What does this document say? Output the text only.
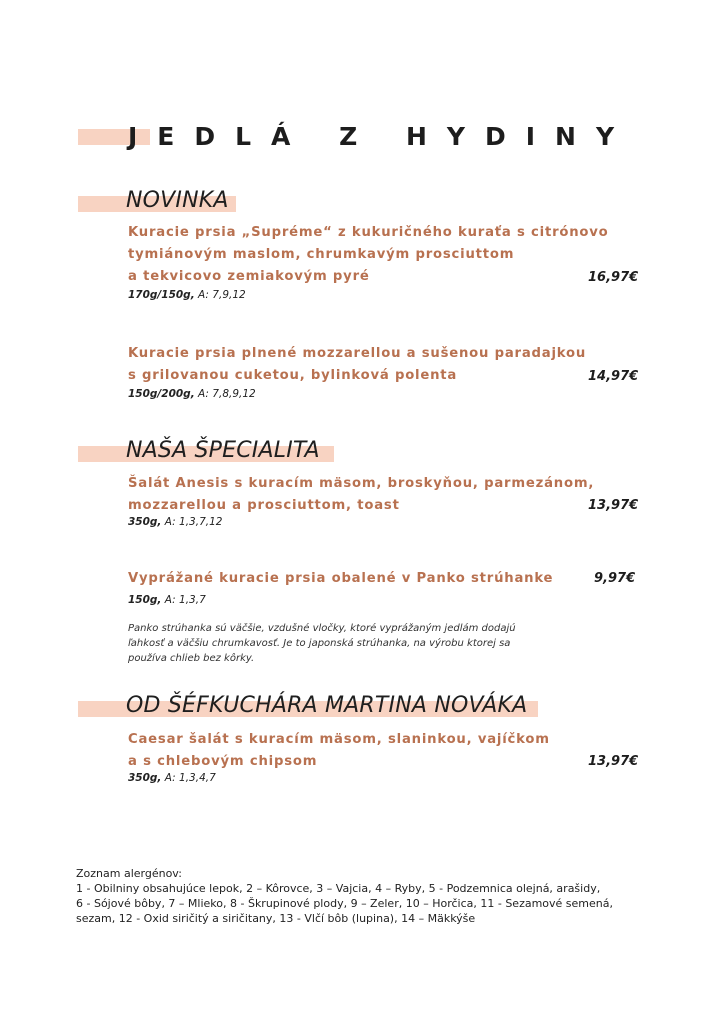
JEDLÁ Z HYDINY
NOVINKA
Kuracie prsia „Supréme“ z kukuričného kuraťa s citrónovo
tymiánovým maslom, chrumkavým prosciuttom
a tekvicovo zemiakovým pyré	16,97€
170g/150g, A: 7,9,12
Kuracie prsia plnené mozzarellou a sušenou paradajkou
s grilovanou cuketou, bylinková polenta	14,97€
150g/200g, A: 7,8,9,12
NAŠA ŠPECIALITA
Šalát Anesis s kuracím mäsom, broskyňou, parmezánom,
mozzarellou a prosciuttom, toast	13,97€
350g, A: 1,3,7,12
Vyprážané kuracie prsia obalené v Panko strúhanke	9,97€
150g, A: 1,3,7
Panko strúhanka sú väčšie, vzdušné vločky, ktoré vyprážaným jedlám dodajú
ľahkosť a väčšiu chrumkavosť. Je to japonská strúhanka, na výrobu ktorej sa
používa chlieb bez kôrky.
OD ŠÉFKUCHÁRA MARTINA NOVÁKA
Caesar šalát s kuracím mäsom, slaninkou, vajíčkom
a s chlebovým chipsom	13,97€
350g, A: 1,3,4,7
Zoznam alergénov:
1 - Obilniny obsahujúce lepok, 2 – Kôrovce, 3 – Vajcia, 4 – Ryby, 5 - Podzemnica olejná, arašidy,
6 - Sójové bôby, 7 – Mlieko, 8 - Škrupinové plody, 9 – Zeler, 10 – Horčica, 11 - Sezamové semená,
sezam, 12 - Oxid siričitý a siričitany, 13 - Vlčí bôb (lupina), 14 – Mäkkýše
